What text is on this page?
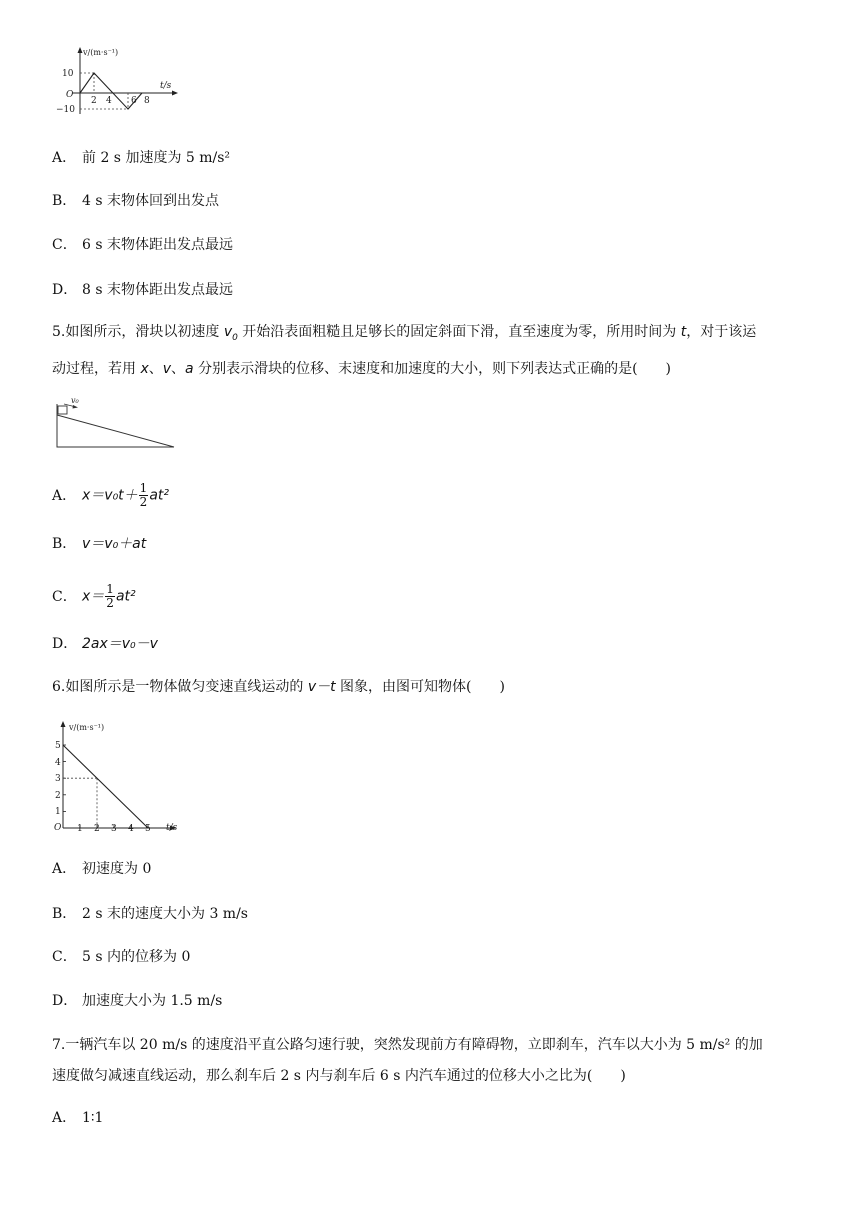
v/(m·s⁻¹)
t/s
10
−10
O
2 4 6 8
A． 前 2 s 加速度为 5 m/s²
B． 4 s 末物体回到出发点
C． 6 s 末物体距出发点最远
D． 8 s 末物体距出发点最远
5.如图所示，滑块以初速度 $v_0$ 开始沿表面粗糙且足够长的固定斜面下滑，直至速度为零，所用时间为 t，对于该运
动过程，若用 x、v、a 分别表示滑块的位移、末速度和加速度的大小，则下列表达式正确的是(　　)
v₀
A． $x=v_0t+ \frac{1}{2} at^2$
B． v＝v₀＋at
C． $x= \frac{1}{2} at^2$
D． 2ax＝v₀－v
6.如图所示是一物体做匀变速直线运动的 v－t 图象，由图可知物体(　　)
v/(m·s⁻¹)
t/s
O
1
2
3
4
5
1 2 3 4 5
A． 初速度为 0
B． 2 s 末的速度大小为 3 m/s
C． 5 s 内的位移为 0
D． 加速度大小为 1.5 m/s
7.一辆汽车以 20 m/s 的速度沿平直公路匀速行驶，突然发现前方有障碍物，立即刹车，汽车以大小为 5 m/s² 的加
速度做匀减速直线运动，那么刹车后 2 s 内与刹车后 6 s 内汽车通过的位移大小之比为(　　)
A． 1∶1
